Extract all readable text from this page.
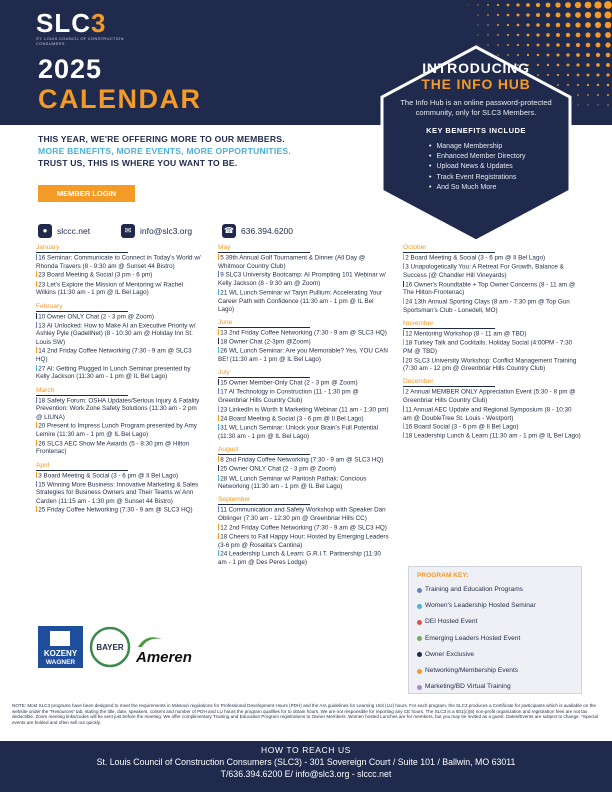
SLC3
ST. LOUIS COUNCIL OF CONSTRUCTION CONSUMERS
2025
CALENDAR
INTRODUCING
THE INFO HUB
The Info Hub is an online password-protected community, only for SLC3 Members.
KEY BENEFITS INCLUDE
• Manage Membership
• Enhanced Member Directory
• Upload News & Updates
• Track Event Registrations
• And So Much More
THIS YEAR, WE'RE OFFERING MORE TO OUR MEMBERS.
MORE BENEFITS, MORE EVENTS, MORE OPPORTUNITIES.
TRUST US, THIS IS WHERE YOU WANT TO BE.
MEMBER LOGIN
●	slccc.net	✉	info@slc3.org	☎ 636.394.6200
January
16 Seminar: Communicate to Connect in Today's World w/ Rhonda Travers (8 - 9:30 am @ Sunset 44 Bistro)
23 Board Meeting & Social (3 pm - 6 pm)
23 Let's Explore the Mission of Mentoring w/ Rachel Wilkins (11:30 am - 1 pm @ IL Bel Lago)
February
10 Owner ONLY Chat (2 - 3 pm @ Zoom)
13 AI Unlocked: How to Make AI an Executive Priority w/ Ashley Pyle (GadellNet) (8 - 10:30 am @ Holiday Inn St. Louis SW)
14 2nd Friday Coffee Networking (7:30 - 9 am @ SLC3 HQ)
27 AI: Getting Plugged In Lunch Seminar presented by Kelly Jackson (11:30 am - 1 pm @ IL Bel Lago)
March
18 Safety Forum: OSHA Updates/Serious Injury & Fatality Prevention: Work Zone Safety Solutions (11:30 am - 2 pm @ LIUNA)
20 Present to Impress Lunch Program presented by Amy Lemire (11:30 am - 1 pm @ IL Bel Lago)
26 SLC3 AEC Show Me Awards (5 - 8:30 pm @ Hilton Frontenac)
April
3 Board Meeting & Social (3 - 6 pm @ Il Bel Lago)
15 Winning More Business: Innovative Marketing & Sales Strategies for Business Owners and Their Teams w/ Ann Carden (11:15 am - 1:30 pm @ Sunset 44 Bistro)
25 Friday Coffee Networking (7:30 - 9 am @ SLC3 HQ)
May
5 39th Annual Golf Tournament & Dinner (All Day @ Whitmoor Country Club)
9 SLC3 University Bootcamp: AI Prompting 101 Webinar w/ Kelly Jackson (8 - 9:30 am @ Zoom)
21 WL Lunch Seminar w/ Taryn Pullium: Accelerating Your Career Path with Confidence (11:30 am - 1 pm @ IL Bel Lago)
June
13 2nd Friday Coffee Networking (7:30 - 9 am @ SLC3 HQ)
18 Owner Chat (2-3pm @Zoom)
26 WL Lunch Seminar: Are you Memorable? Yes, YOU CAN BE! (11:30 am - 1 pm @ IL Bel Lago)
July
15 Owner Member-Only Chat (2 - 3 pm @ Zoom)
17 AI Technology in Construction (11 - 1:30 pm @ Greenbriar Hills Country Club)
23 LinkedIn is Worth It Marketing Webinar (11 am - 1:30 pm)
24 Board Meeting & Social (3 - 6 pm @ Il Bel Lago)
31 WL Lunch Seminar: Unlock your Brain's Full Potential (11:30 am - 1 pm @ IL Bel Lago)
August
8 2nd Friday Coffee Networking (7:30 - 9 am @ SLC3 HQ)
25 Owner ONLY Chat (2 - 3 pm @ Zoom)
28 WL Lunch Seminar w/ Paritosh Pathak: Concious Networking (11:30 am - 1 pm @ IL Bel Lago)
September
11 Communication and Safety Workshop with Speaker Dan Oblinger (7:30 am - 12:30 pm @ Greenbriar Hills CC)
12 2nd Friday Coffee Networking (7:30 - 9 am @ SLC3 HQ)
18 Cheers to Fall Happy Hour: Hosted by Emerging Leaders (3-6 pm @ Rosalita's Cantina)
24 Leadership Lunch & Learn: G.R.I.T. Partnership (11:30 am - 1 pm @ Des Peres Lodge)
October
2 Board Meeting & Social (3 - 6 pm @ Il Bel Lago)
3 Unapologetically You: A Retreat For Growth, Balance & Success (@ Chandler Hill Vineyards)
16 Owner's Roundtable + Top Owner Concerns (8 - 11 am @ The Hilton-Frontenac)
24 13th Annual Sporting Clays (8 am - 7:30 pm @ Top Gun Sportsman's Club - Lonedell, MO)
November
12 Mentoring Workshop (8 - 11 am @ TBD)
18 Turkey Talk and Cocktails: Holiday Social (4:00PM - 7:30 PM @ TBD)
20 SLC3 University Workshop: Conflict Management Training (7:30 am - 12 pm @ Greenbriar Hills Country Club)
December
2 Annual MEMBER ONLY Appreciation Event (5:30 - 8 pm @ Greenbriar Hills Country Club)
11 Annual AEC Update and Regional Symposium (8 - 10:30 am @ DoubleTree St. Louis - Westport)
16 Board Social (3 - 6 pm @ Il Bel Lago)
18 Leadership Lunch & Learn (11:30 am - 1 pm @ IL Bel Lago)
PROGRAM KEY:
Training and Education Programs
Women's Leadership Hosted Seminar
DEI Hosted Event
Emerging Leaders Hosted Event
Owner Exclusive
Networking/Membership Events
Marketing/BD Virtual Training
KOZENY
WAGNER
BAYER
Ameren
NOTE: Most SLC3 programs have been designed to meet the requirements in Missouri regulations for Professional Development Hours (PDH) and the AIA guidelines for Learning Unit (LU) hours. For each program, the SLC3 produces a Certificate for participants which is available on the website under the "Resources" tab, stating the title, date, speakers, content and number of PDH and LU hours the program qualifies for to obtain hours. We are not responsible for reporting any CE hours. The SLC3 is a 501(c)(6) non-profit organization and registration fees are not tax deductible. Zoom meeting links/codes will be sent just before the meeting. We offer complimentary Training and Education Program registrations to Owner Members. Women hosted Lunches are for members, but you may be invited as a guest. Dates/Events are subject to change. *Special events are bolded and often sell out quickly.
HOW TO REACH US
St. Louis Council of Construction Consumers (SLC3) - 301 Sovereign Court / Suite 101 / Ballwin, MO 63011
T/636.394.6200 E/ info@slc3.org - slccc.net
